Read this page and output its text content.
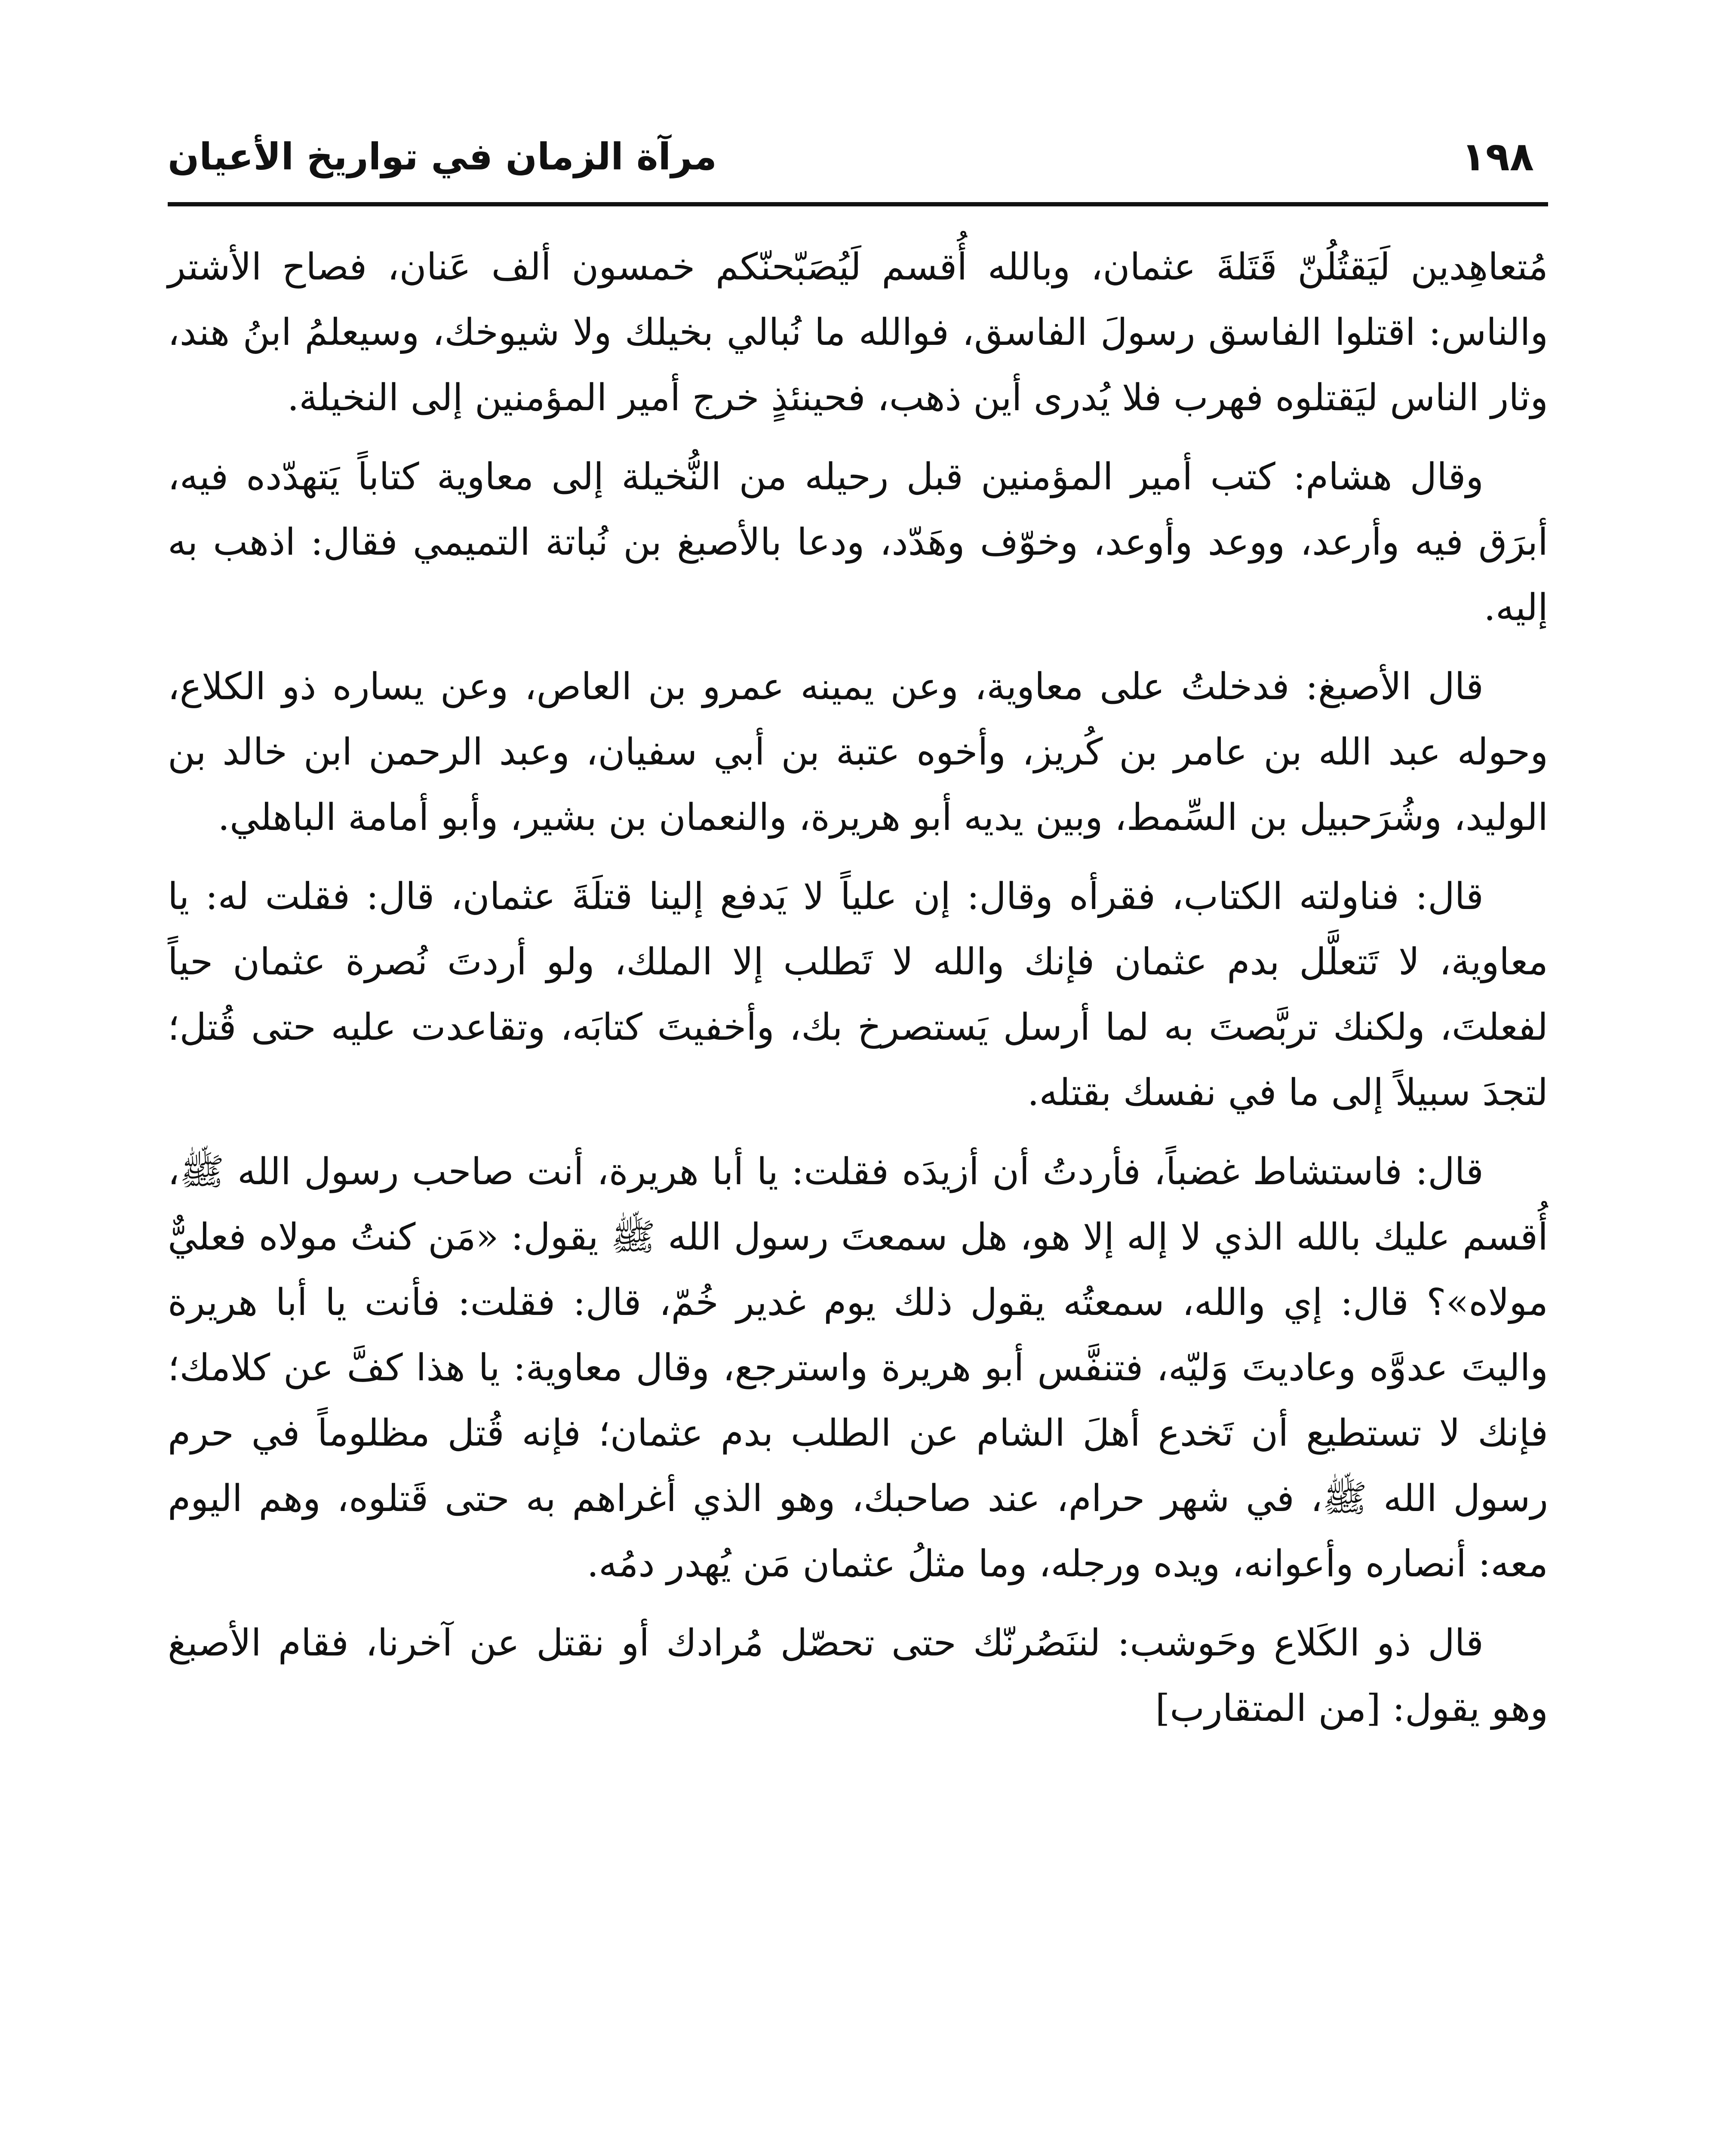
١٩٨
مرآة الزمان في تواريخ الأعيان

مُتعاهِدين لَيَقتُلُنّ قَتَلةَ عثمان، وبالله أُقسم لَيُصَبّحنّكم خمسون ألف عَنان، فصاح الأشتر والناس: اقتلوا الفاسق رسولَ الفاسق، فوالله ما نُبالي بخيلك ولا شيوخك، وسيعلمُ ابنُ هند، وثار الناس ليَقتلوه فهرب فلا يُدرى أين ذهب، فحينئذٍ خرج أمير المؤمنين إلى النخيلة.

وقال هشام: كتب أمير المؤمنين قبل رحيله من النُّخيلة إلى معاوية كتاباً يَتهدّده فيه، أبرَق فيه وأرعد، ووعد وأوعد، وخوّف وهَدّد، ودعا بالأصبغ بن نُباتة التميمي فقال: اذهب به إليه.

قال الأصبغ: فدخلتُ على معاوية، وعن يمينه عمرو بن العاص، وعن يساره ذو الكلاع، وحوله عبد الله بن عامر بن كُريز، وأخوه عتبة بن أبي سفيان، وعبد الرحمن ابن خالد بن الوليد، وشُرَحبيل بن السِّمط، وبين يديه أبو هريرة، والنعمان بن بشير، وأبو أمامة الباهلي.

قال: فناولته الكتاب، فقرأه وقال: إن علياً لا يَدفع إلينا قتلَةَ عثمان، قال: فقلت له: يا معاوية، لا تَتعلَّل بدم عثمان فإنك والله لا تَطلب إلا الملك، ولو أردتَ نُصرة عثمان حياً لفعلتَ، ولكنك تربَّصتَ به لما أرسل يَستصرخ بك، وأخفيتَ كتابَه، وتقاعدت عليه حتى قُتل؛ لتجدَ سبيلاً إلى ما في نفسك بقتله.

قال: فاستشاط غضباً، فأردتُ أن أزيدَه فقلت: يا أبا هريرة، أنت صاحب رسول الله ﷺ، أُقسم عليك بالله الذي لا إله إلا هو، هل سمعتَ رسول الله ﷺ يقول: «مَن كنتُ مولاه فعليٌّ مولاه»؟ قال: إي والله، سمعتُه يقول ذلك يوم غدير خُمّ، قال: فقلت: فأنت يا أبا هريرة واليتَ عدوَّه وعاديتَ وَليّه، فتنفَّس أبو هريرة واسترجع، وقال معاوية: يا هذا كفَّ عن كلامك؛ فإنك لا تستطيع أن تَخدع أهلَ الشام عن الطلب بدم عثمان؛ فإنه قُتل مظلوماً في حرم رسول الله ﷺ، في شهر حرام، عند صاحبك، وهو الذي أغراهم به حتى قَتلوه، وهم اليوم معه: أنصاره وأعوانه، ويده ورجله، وما مثلُ عثمان مَن يُهدر دمُه.

قال ذو الكَلاع وحَوشب: لننَصُرنّك حتى تحصّل مُرادك أو نقتل عن آخرنا، فقام الأصبغ وهو يقول: [من المتقارب]
